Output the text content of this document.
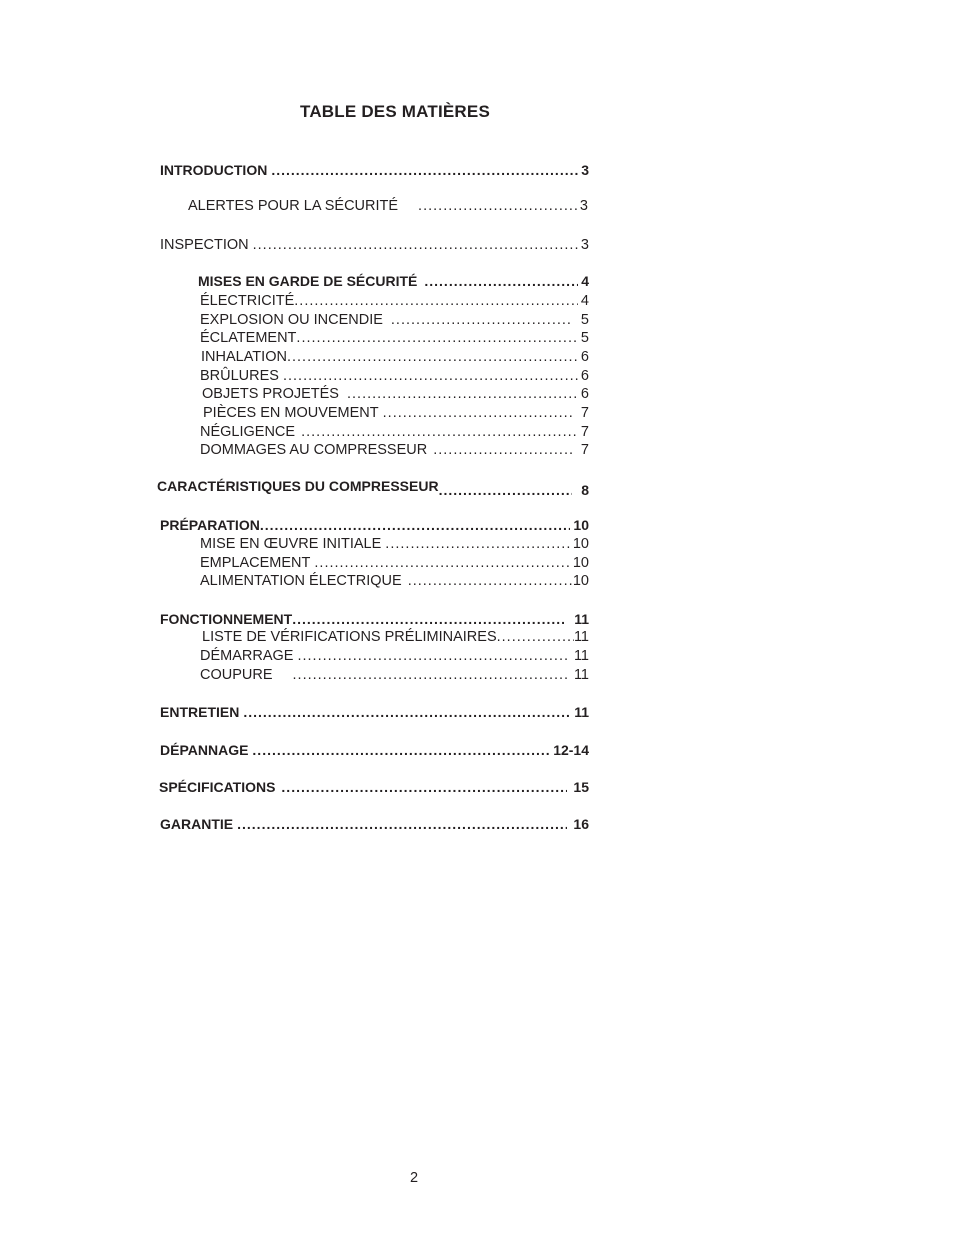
TABLE DES MATIÈRES
INTRODUCTION .....	3
ALERTES POUR LA SÉCURITÉ .....	3
INSPECTION .....	3
MISES EN GARDE DE SÉCURITÉ .....	4
ÉLECTRICITÉ .....	4
EXPLOSION OU INCENDIE .....	5
ÉCLATEMENT .....	5
INHALATION .....	6
BRÛLURES .....	6
OBJETS PROJETÉS .....	6
PIÈCES EN MOUVEMENT .....	7
NÉGLIGENCE .....	7
DOMMAGES AU COMPRESSEUR .....	7
CARACTÉRISTIQUES DU COMPRESSEUR .....	8
PRÉPARATION .....	10
MISE EN ŒUVRE INITIALE .....	10
EMPLACEMENT .....	10
ALIMENTATION ÉLECTRIQUE .....	10
FONCTIONNEMENT .....	11
LISTE DE VÉRIFICATIONS PRÉLIMINAIRES .....	11
DÉMARRAGE .....	11
COUPURE .....	11
ENTRETIEN .....	11
DÉPANNAGE .....	12-14
SPÉCIFICATIONS .....	15
GARANTIE .....	16
2
